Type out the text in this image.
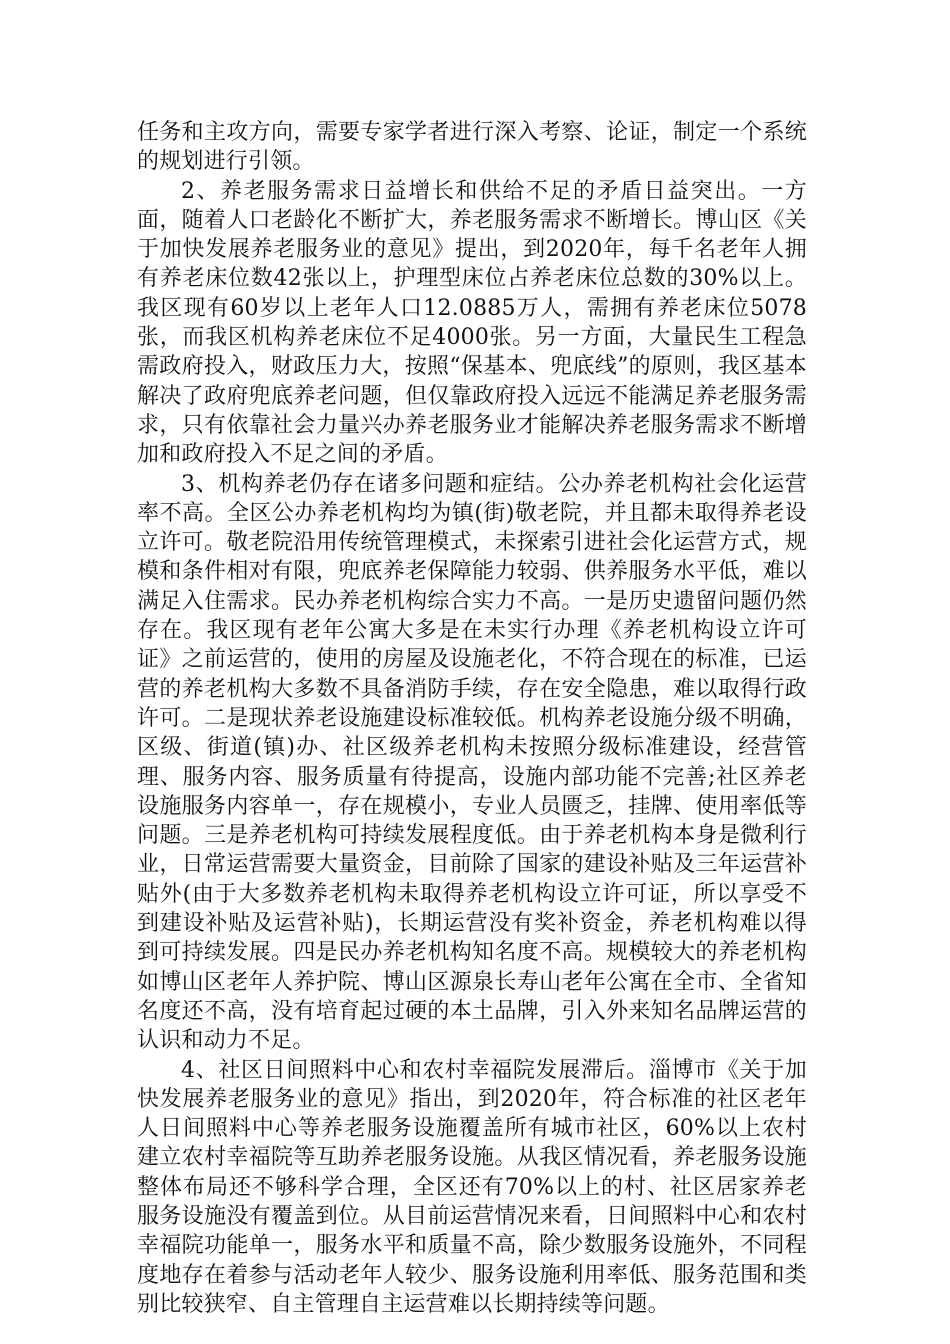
任务和主攻方向，需要专家学者进行深入考察、论证，制定一个系统的规划进行引领。

2、养老服务需求日益增长和供给不足的矛盾日益突出。一方面，随着人口老龄化不断扩大，养老服务需求不断增长。博山区《关于加快发展养老服务业的意见》提出，到2020年，每千名老年人拥有养老床位数42张以上，护理型床位占养老床位总数的30%以上。我区现有60岁以上老年人口12.0885万人，需拥有养老床位5078张，而我区机构养老床位不足4000张。另一方面，大量民生工程急需政府投入，财政压力大，按照“保基本、兜底线”的原则，我区基本解决了政府兜底养老问题，但仅靠政府投入远远不能满足养老服务需求，只有依靠社会力量兴办养老服务业才能解决养老服务需求不断增加和政府投入不足之间的矛盾。

3、机构养老仍存在诸多问题和症结。公办养老机构社会化运营率不高。全区公办养老机构均为镇(街)敬老院，并且都未取得养老设立许可。敬老院沿用传统管理模式，未探索引进社会化运营方式，规模和条件相对有限，兜底养老保障能力较弱、供养服务水平低，难以满足入住需求。民办养老机构综合实力不高。一是历史遗留问题仍然存在。我区现有老年公寓大多是在未实行办理《养老机构设立许可证》之前运营的，使用的房屋及设施老化，不符合现在的标准，已运营的养老机构大多数不具备消防手续，存在安全隐患，难以取得行政许可。二是现状养老设施建设标准较低。机构养老设施分级不明确，区级、街道(镇)办、社区级养老机构未按照分级标准建设，经营管理、服务内容、服务质量有待提高，设施内部功能不完善;社区养老设施服务内容单一，存在规模小，专业人员匮乏，挂牌、使用率低等问题。三是养老机构可持续发展程度低。由于养老机构本身是微利行业，日常运营需要大量资金，目前除了国家的建设补贴及三年运营补贴外(由于大多数养老机构未取得养老机构设立许可证，所以享受不到建设补贴及运营补贴)，长期运营没有奖补资金，养老机构难以得到可持续发展。四是民办养老机构知名度不高。规模较大的养老机构如博山区老年人养护院、博山区源泉长寿山老年公寓在全市、全省知名度还不高，没有培育起过硬的本土品牌，引入外来知名品牌运营的认识和动力不足。

4、社区日间照料中心和农村幸福院发展滞后。淄博市《关于加快发展养老服务业的意见》指出，到2020年，符合标准的社区老年人日间照料中心等养老服务设施覆盖所有城市社区，60%以上农村建立农村幸福院等互助养老服务设施。从我区情况看，养老服务设施整体布局还不够科学合理，全区还有70%以上的村、社区居家养老服务设施没有覆盖到位。从目前运营情况来看，日间照料中心和农村幸福院功能单一，服务水平和质量不高，除少数服务设施外，不同程度地存在着参与活动老年人较少、服务设施利用率低、服务范围和类别比较狭窄、自主管理自主运营难以长期持续等问题。
